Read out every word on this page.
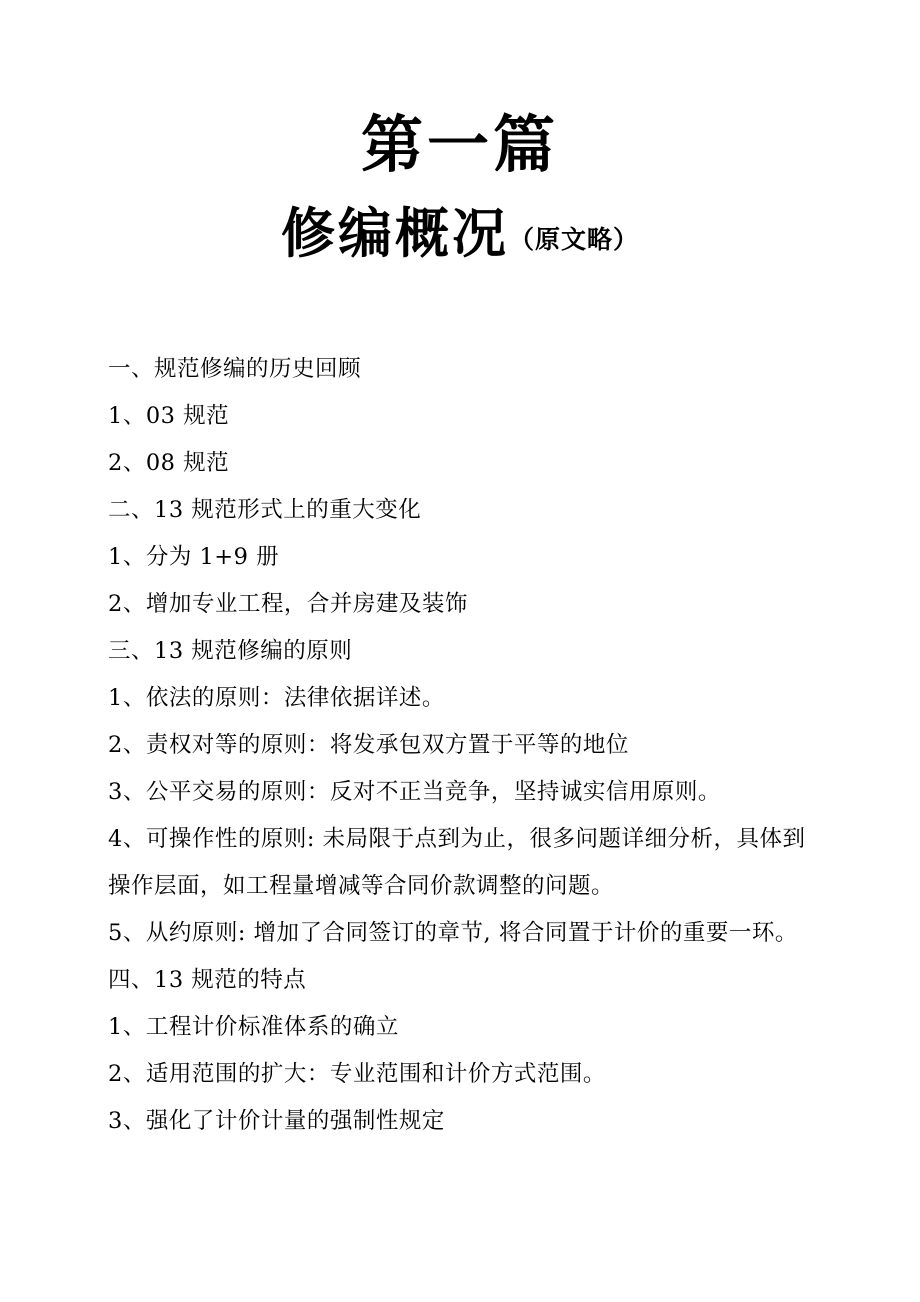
第一篇
修编概况（原文略）
一、规范修编的历史回顾
1、03 规范
2、08 规范
二、13 规范形式上的重大变化
1、分为 1+9 册
2、增加专业工程，合并房建及装饰
三、13 规范修编的原则
1、依法的原则：法律依据详述。
2、责权对等的原则：将发承包双方置于平等的地位
3、公平交易的原则：反对不正当竞争，坚持诚实信用原则。
4、可操作性的原则: 未局限于点到为止，很多问题详细分析，具体到操作层面，如工程量增减等合同价款调整的问题。
5、从约原则: 增加了合同签订的章节, 将合同置于计价的重要一环。
四、13 规范的特点
1、工程计价标准体系的确立
2、适用范围的扩大：专业范围和计价方式范围。
3、强化了计价计量的强制性规定
